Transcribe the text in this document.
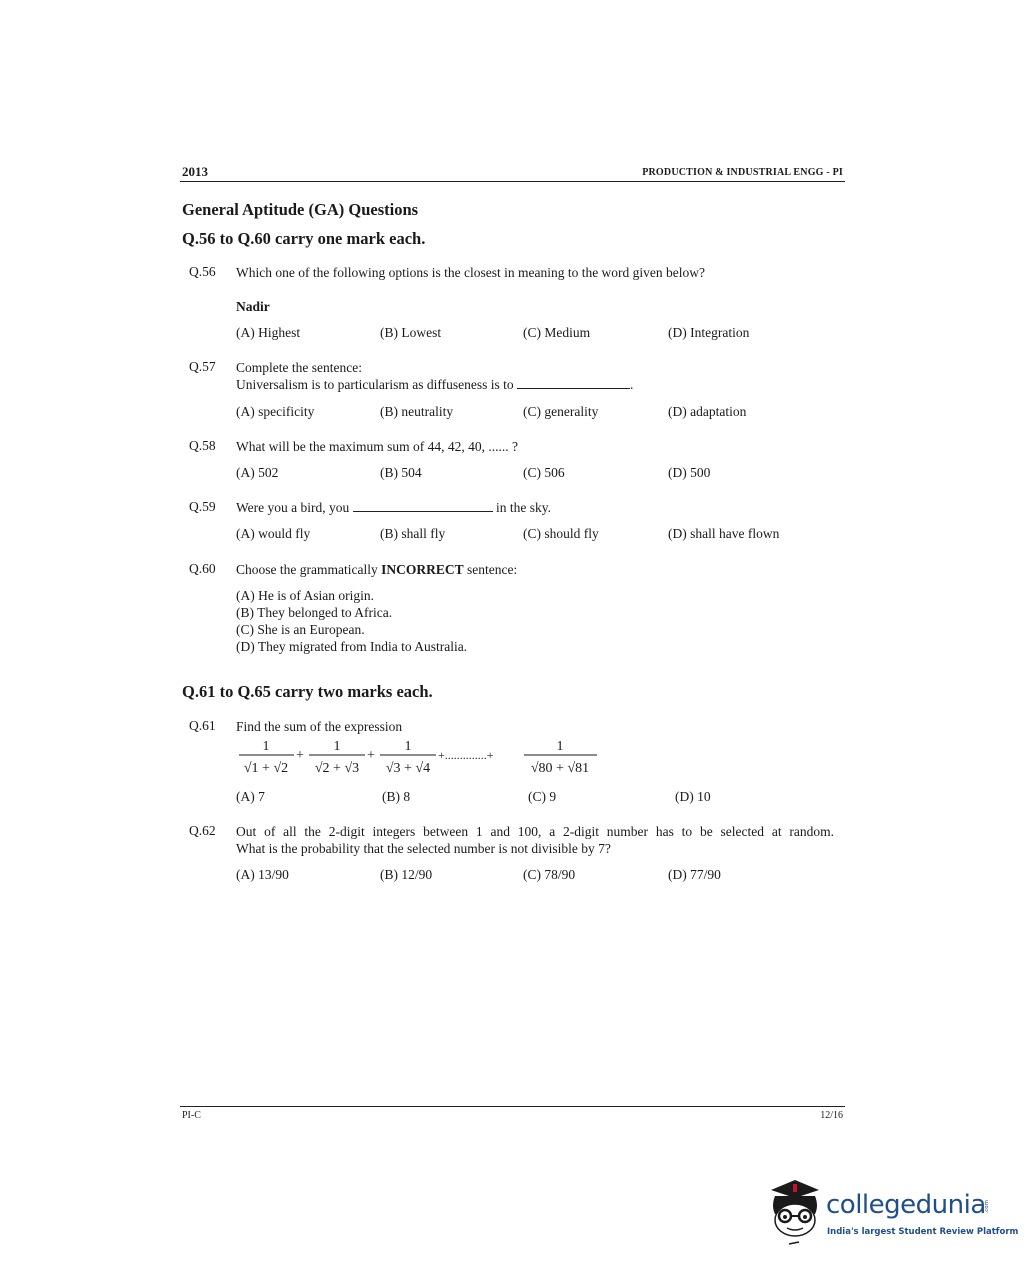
2013	PRODUCTION & INDUSTRIAL ENGG - PI
General Aptitude (GA) Questions
Q.56 to Q.60 carry one mark each.
Q.56 Which one of the following options is the closest in meaning to the word given below?
Nadir
(A) Highest	(B) Lowest	(C) Medium	(D) Integration
Q.57 Complete the sentence:
Universalism is to particularism as diffuseness is to	.
(A) specificity	(B) neutrality	(C) generality	(D) adaptation
Q.58 What will be the maximum sum of 44, 42, 40, ...... ?
(A) 502	(B) 504	(C) 506	(D) 500
Q.59 Were you a bird, you	in the sky.
(A) would fly	(B) shall fly	(C) should fly	(D) shall have flown
Q.60 Choose the grammatically INCORRECT sentence:
(A) He is of Asian origin.
(B) They belonged to Africa.
(C) She is an European.
(D) They migrated from India to Australia.
Q.61 to Q.65 carry two marks each.
Q.61 Find the sum of the expression
1
√1 + √2
+
1
√2 + √3
+
1
√3 + √4
+..............+
1
√80 + √81
(A) 7	(B) 8	(C) 9	(D) 10
Q.62 Out of all the 2-digit integers between 1 and 100, a 2-digit number has to be selected at random.
What is the probability that the selected number is not divisible by 7?
(A) 13/90	(B) 12/90	(C) 78/90	(D) 77/90
PI-C	12/16
collegedunia
.com
India's largest Student Review Platform
